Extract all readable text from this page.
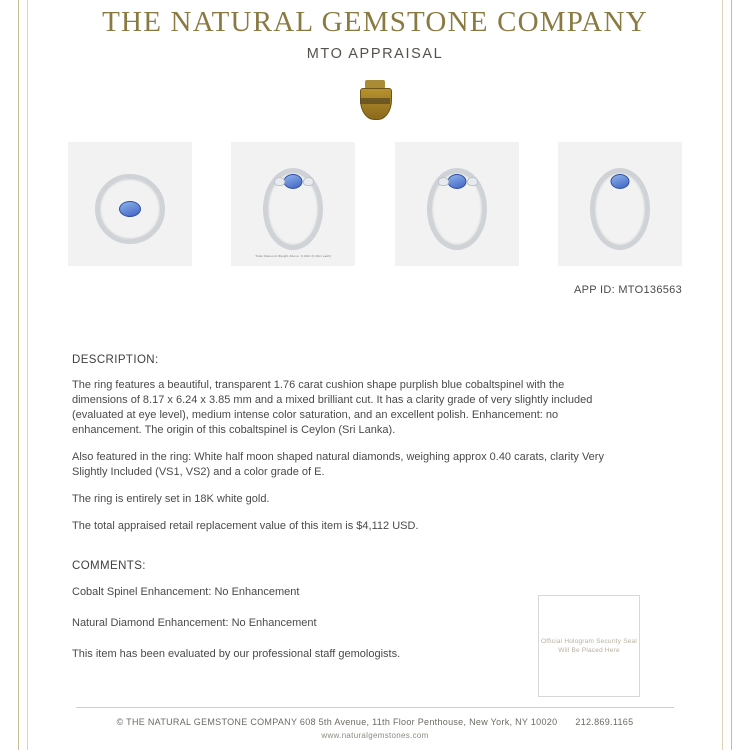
THE NATURAL GEMSTONE COMPANY
MTO APPRAISAL
Total Diamond Weight Above: 0.40ct (0.20ct each)
APP ID: MTO136563
DESCRIPTION:
The ring features a beautiful, transparent 1.76 carat cushion shape purplish blue cobaltspinel with the dimensions of 8.17 x 6.24 x 3.85 mm and a mixed brilliant cut. It has a clarity grade of very slightly included (evaluated at eye level), medium intense color saturation, and an excellent polish. Enhancement: no enhancement. The origin of this cobaltspinel is Ceylon (Sri Lanka).
Also featured in the ring: White half moon shaped natural diamonds, weighing approx 0.40 carats, clarity Very Slightly Included (VS1, VS2) and a color grade of E.
The ring is entirely set in 18K white gold.
The total appraised retail replacement value of this item is $4,112 USD.
COMMENTS:
Cobalt Spinel Enhancement: No Enhancement
Natural Diamond Enhancement: No Enhancement
This item has been evaluated by our professional staff gemologists.
Official Hologram Security Seal Will Be Placed Here
© THE NATURAL GEMSTONE COMPANY 608 5th Avenue, 11th Floor Penthouse, New York, NY 10020 212.869.1165
www.naturalgemstones.com
